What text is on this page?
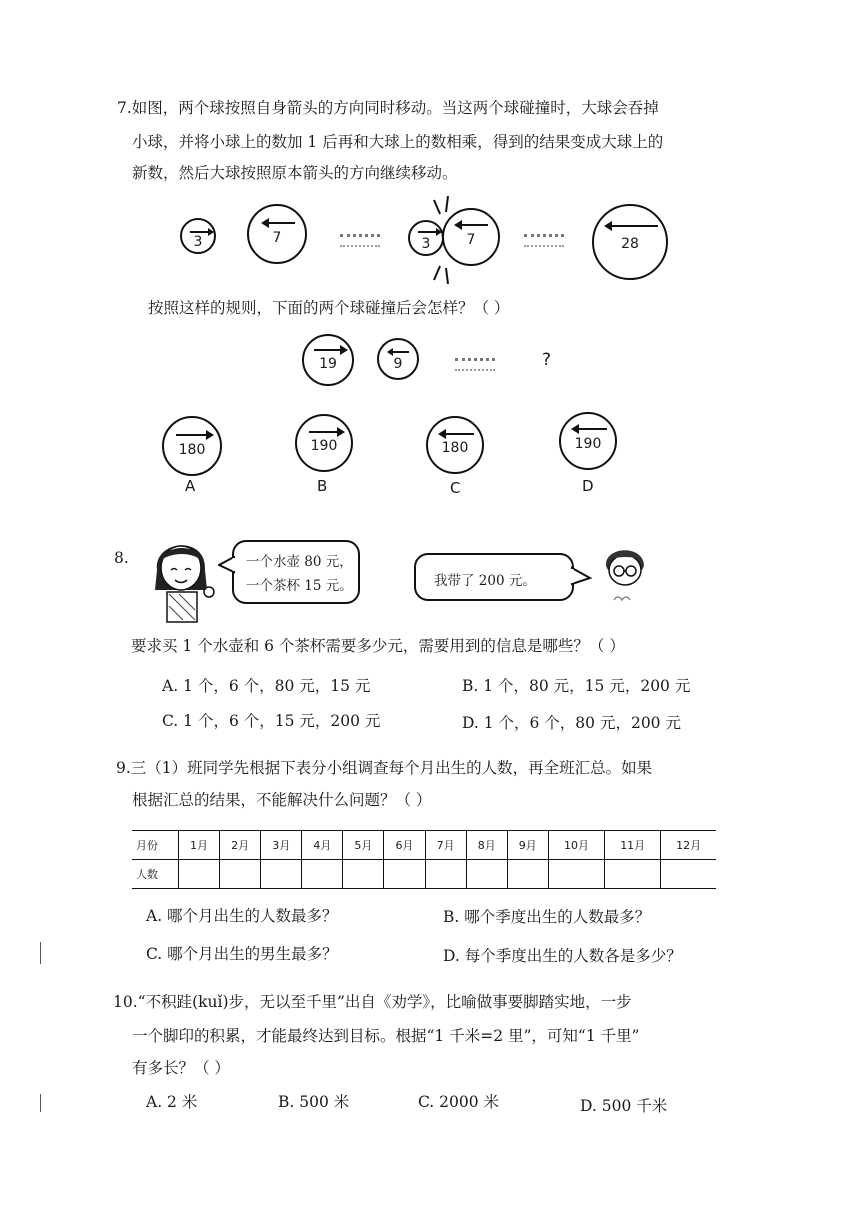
7.如图，两个球按照自身箭头的方向同时移动。当这两个球碰撞时，大球会吞掉
小球，并将小球上的数加 1 后再和大球上的数相乘，得到的结果变成大球上的
新数，然后大球按照原本箭头的方向继续移动。
3	7	3	7	28
按照这样的规则，下面的两个球碰撞后会怎样？（ ）
19	9	?
180
A
190
B
180
C
190
D
8.	一个水壶 80 元，
一个茶杯 15 元。	我带了 200 元。
要求买 1 个水壶和 6 个茶杯需要多少元，需要用到的信息是哪些？（ ）
A. 1 个，6 个，80 元，15 元	B. 1 个，80 元，15 元，200 元
C. 1 个，6 个，15 元，200 元	D. 1 个，6 个，80 元，200 元
9.三（1）班同学先根据下表分小组调查每个月出生的人数，再全班汇总。如果
根据汇总的结果，不能解决什么问题？（ ）
月份	1月	2月	3月	4月	5月	6月	7月	8月	9月	10月	11月	12月
人数												
A. 哪个月出生的人数最多？	B. 哪个季度出生的人数最多？
C. 哪个月出生的男生最多？	D. 每个季度出生的人数各是多少？
10.“不积跬(kuǐ)步，无以至千里”出自《劝学》，比喻做事要脚踏实地，一步
一个脚印的积累，才能最终达到目标。根据“1 千米=2 里”，可知“1 千里”
有多长？（ ）
A. 2 米	B. 500 米	C. 2000 米	D. 500 千米
